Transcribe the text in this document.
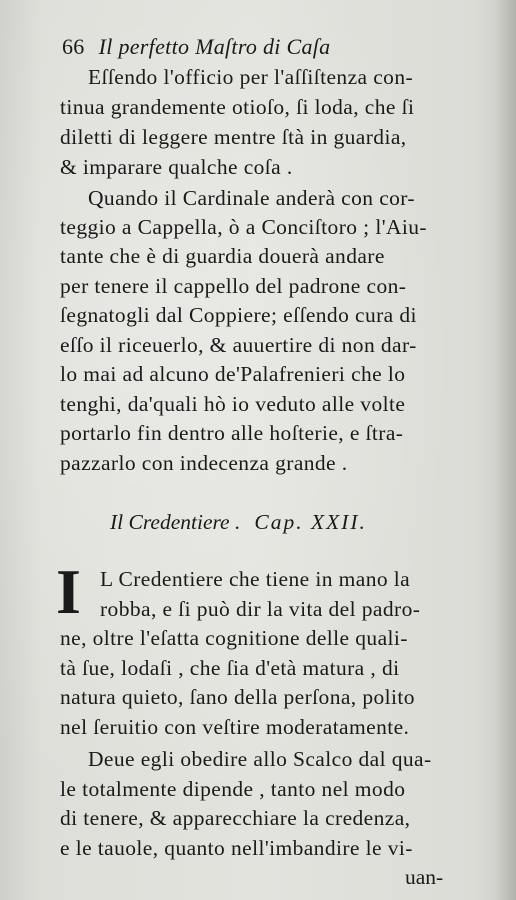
66 Il perfetto Maſtro di Caſa
Eſſendo l'officio per l'aſſiſtenza con-
tinua grandemente otioſo, ſi loda, che ſi
diletti di leggere mentre ſtà in guardia,
& imparare qualche coſa .
Quando il Cardinale anderà con cor-
teggio a Cappella, ò a Conciſtoro ; l'Aiu-
tante che è di guardia douerà andare
per tenere il cappello del padrone con-
ſegnatogli dal Coppiere; eſſendo cura di
eſſo il riceuerlo, & auuertire di non dar-
lo mai ad alcuno de'Palafrenieri che lo
tenghi, da'quali hò io veduto alle volte
portarlo fin dentro alle hoſterie, e ſtra-
pazzarlo con indecenza grande .
Il Credentiere . Cap. XXII.
I L Credentiere che tiene in mano la
robba, e ſi può dir la vita del padro-
ne, oltre l'eſatta cognitione delle quali-
tà ſue, lodaſi , che ſia d'età matura , di
natura quieto, ſano della perſona, polito
nel ſeruitio con veſtire moderatamente.
Deue egli obedire allo Scalco dal qua-
le totalmente dipende , tanto nel modo
di tenere, & apparecchiare la credenza,
e le tauole, quanto nell'imbandire le vi-
uan-
